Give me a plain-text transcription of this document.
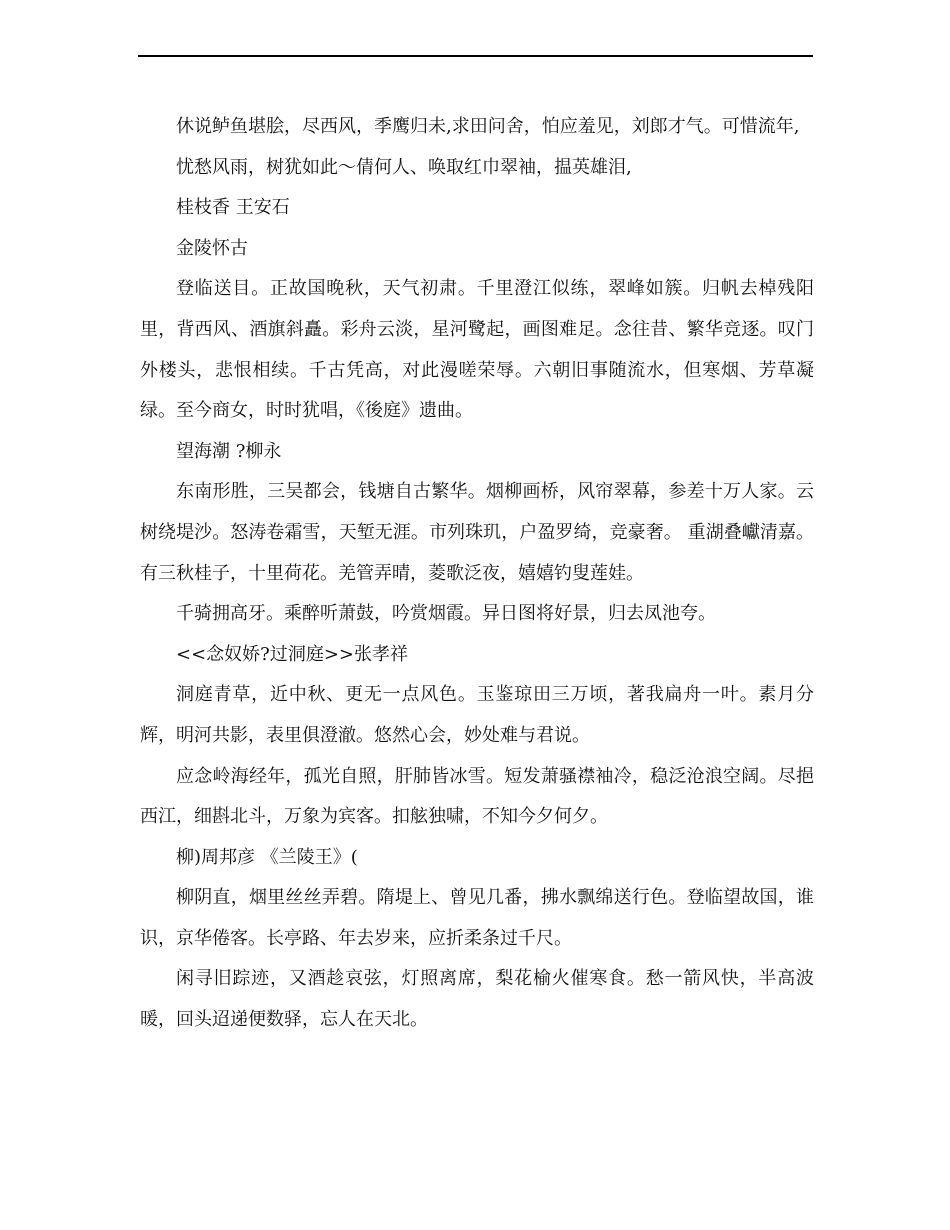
休说鲈鱼堪脍，尽西风，季鹰归未,求田问舍，怕应羞见，刘郎才气。可惜流年,

忧愁风雨，树犹如此～倩何人、唤取红巾翠袖，揾英雄泪,

桂枝香 王安石

金陵怀古

登临送目。正故国晚秋，天气初肃。千里澄江似练，翠峰如簇。归帆去棹残阳里，背西风、酒旗斜矗。彩舟云淡，星河鹭起，画图难足。念往昔、繁华竞逐。叹门外楼头，悲恨相续。千古凭高，对此漫嗟荣辱。六朝旧事随流水，但寒烟、芳草凝绿。至今商女，时时犹唱，《後庭》遗曲。

望海潮 ?柳永

东南形胜，三吴都会，钱塘自古繁华。烟柳画桥，风帘翠幕，参差十万人家。云树绕堤沙。怒涛卷霜雪，天堑无涯。市列珠玑，户盈罗绮，竞豪奢。 重湖叠巘清嘉。有三秋桂子，十里荷花。羌管弄晴，菱歌泛夜，嬉嬉钓叟莲娃。

千骑拥高牙。乘醉听萧鼓，吟赏烟霞。异日图将好景，归去凤池夸。

<<念奴娇?过洞庭>>张孝祥

洞庭青草，近中秋、更无一点风色。玉鉴琼田三万顷，著我扁舟一叶。素月分辉，明河共影，表里俱澄澈。悠然心会，妙处难与君说。

应念岭海经年，孤光自照，肝肺皆冰雪。短发萧骚襟袖冷，稳泛沧浪空阔。尽挹西江，细斟北斗，万象为宾客。扣舷独啸，不知今夕何夕。

柳)周邦彦 《兰陵王》(

柳阴直，烟里丝丝弄碧。隋堤上、曾见几番，拂水飘绵送行色。登临望故国，谁识，京华倦客。长亭路、年去岁来，应折柔条过千尺。

闲寻旧踪迹，又酒趁哀弦，灯照离席，梨花榆火催寒食。愁一箭风快，半高波暖，回头迢递便数驿，忘人在天北。
